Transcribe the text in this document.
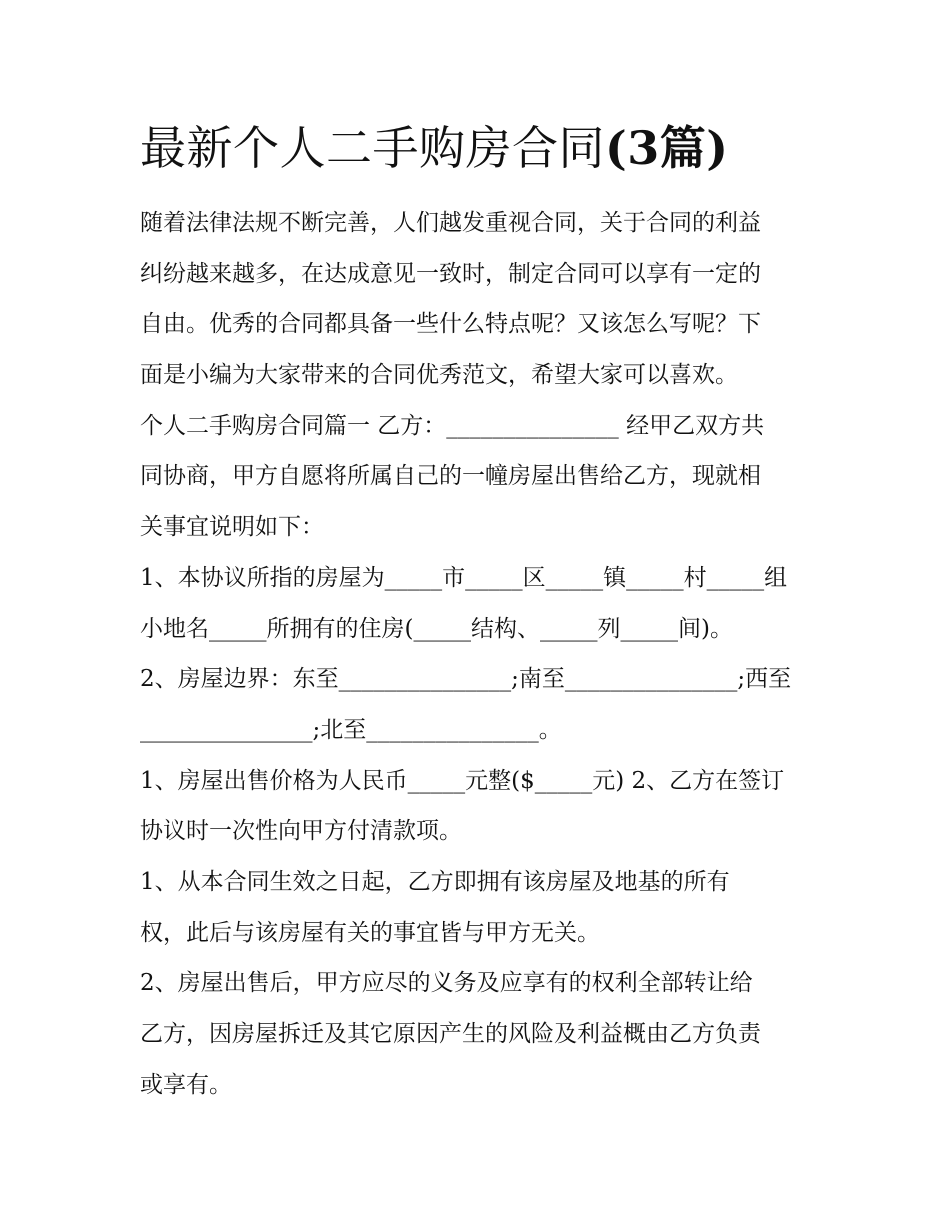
最新个人二手购房合同(3篇)
随着法律法规不断完善，人们越发重视合同，关于合同的利益
纠纷越来越多，在达成意见一致时，制定合同可以享有一定的
自由。优秀的合同都具备一些什么特点呢？又该怎么写呢？下
面是小编为大家带来的合同优秀范文，希望大家可以喜欢。
个人二手购房合同篇一 乙方：_______________ 经甲乙双方共
同协商，甲方自愿将所属自己的一幢房屋出售给乙方，现就相
关事宜说明如下：
1、本协议所指的房屋为_____市_____区_____镇_____村_____组
小地名_____所拥有的住房(_____结构、_____列_____间)。
2、房屋边界：东至_______________;南至_______________;西至
_______________;北至_______________。
1、房屋出售价格为人民币_____元整($_____元) 2、乙方在签订
协议时一次性向甲方付清款项。
1、从本合同生效之日起，乙方即拥有该房屋及地基的所有
权，此后与该房屋有关的事宜皆与甲方无关。
2、房屋出售后，甲方应尽的义务及应享有的权利全部转让给
乙方，因房屋拆迁及其它原因产生的风险及利益概由乙方负责
或享有。
